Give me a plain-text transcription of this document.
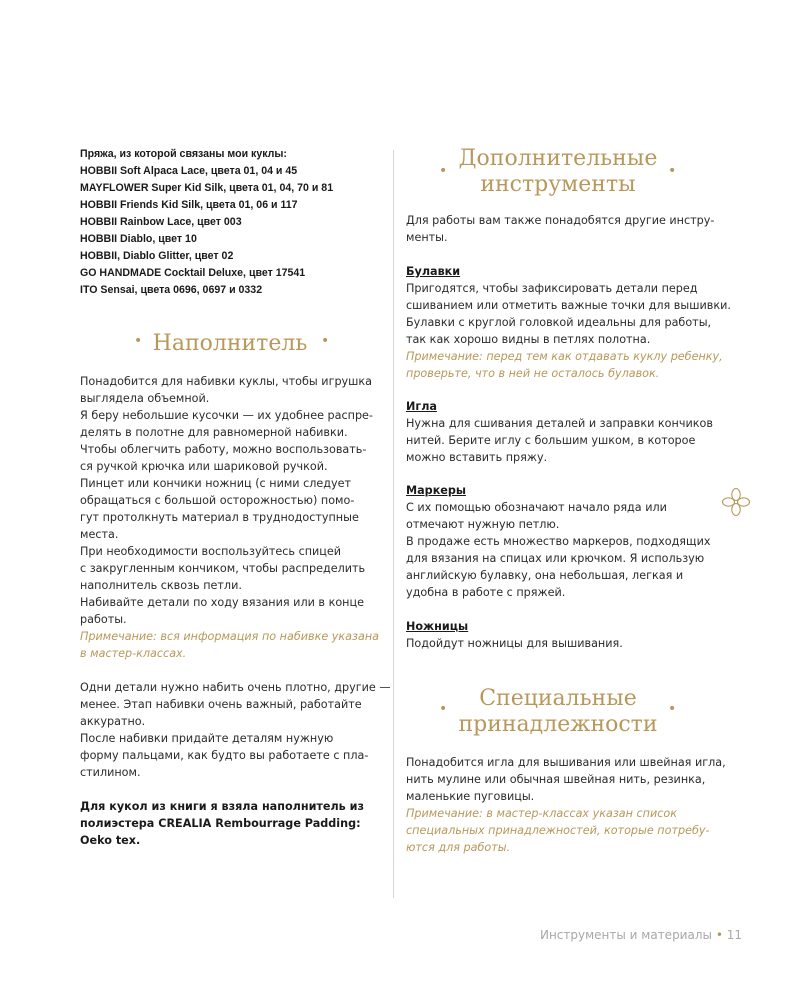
Пряжа, из которой связаны мои куклы:
HOBBII Soft Alpaca Lace, цвета 01, 04 и 45
MAYFLOWER Super Kid Silk, цвета 01, 04, 70 и 81
HOBBII Friends Kid Silk, цвета 01, 06 и 117
HOBBII Rainbow Lace, цвет 003
HOBBII Diablo, цвет 10
HOBBII, Diablo Glitter, цвет 02
GO HANDMADE Cocktail Deluxe, цвет 17541
ITO Sensai, цвета 0696, 0697 и 0332
• Наполнитель •
Понадобится для набивки куклы, чтобы игрушка
выглядела объемной.
Я беру небольшие кусочки — их удобнее распре-
делять в полотне для равномерной набивки.
Чтобы облегчить работу, можно воспользовать-
ся ручкой крючка или шариковой ручкой.
Пинцет или кончики ножниц (с ними следует
обращаться с большой осторожностью) помо-
гут протолкнуть материал в труднодоступные
места.
При необходимости воспользуйтесь спицей
с закругленным кончиком, чтобы распределить
наполнитель сквозь петли.
Набивайте детали по ходу вязания или в конце
работы.
Примечание: вся информация по набивке указана
в мастер-классах.
Одни детали нужно набить очень плотно, другие —
менее. Этап набивки очень важный, работайте
аккуратно.
После набивки придайте деталям нужную
форму пальцами, как будто вы работаете с пла-
стилином.
Для кукол из книги я взяла наполнитель из
полиэстера CREALIA Rembourrage Padding:
Oeko tex.
• Дополнительные
инструменты
•
Для работы вам также понадобятся другие инстру-
менты.
Булавки
Пригодятся, чтобы зафиксировать детали перед
сшиванием или отметить важные точки для вышивки.
Булавки с круглой головкой идеальны для работы,
так как хорошо видны в петлях полотна.
Примечание: перед тем как отдавать куклу ребенку,
проверьте, что в ней не осталось булавок.
Игла
Нужна для сшивания деталей и заправки кончиков
нитей. Берите иглу с большим ушком, в которое
можно вставить пряжу.
Маркеры
С их помощью обозначают начало ряда или
отмечают нужную петлю.
В продаже есть множество маркеров, подходящих
для вязания на спицах или крючком. Я использую
английскую булавку, она небольшая, легкая и
удобна в работе с пряжей.
Ножницы
Подойдут ножницы для вышивания.
•	Специальные
принадлежности
•
Понадобится игла для вышивания или швейная игла,
нить мулине или обычная швейная нить, резинка,
маленькие пуговицы.
Примечание: в мастер-классах указан список
специальных принадлежностей, которые потребу-
ются для работы.
Инструменты и материалы • 11
